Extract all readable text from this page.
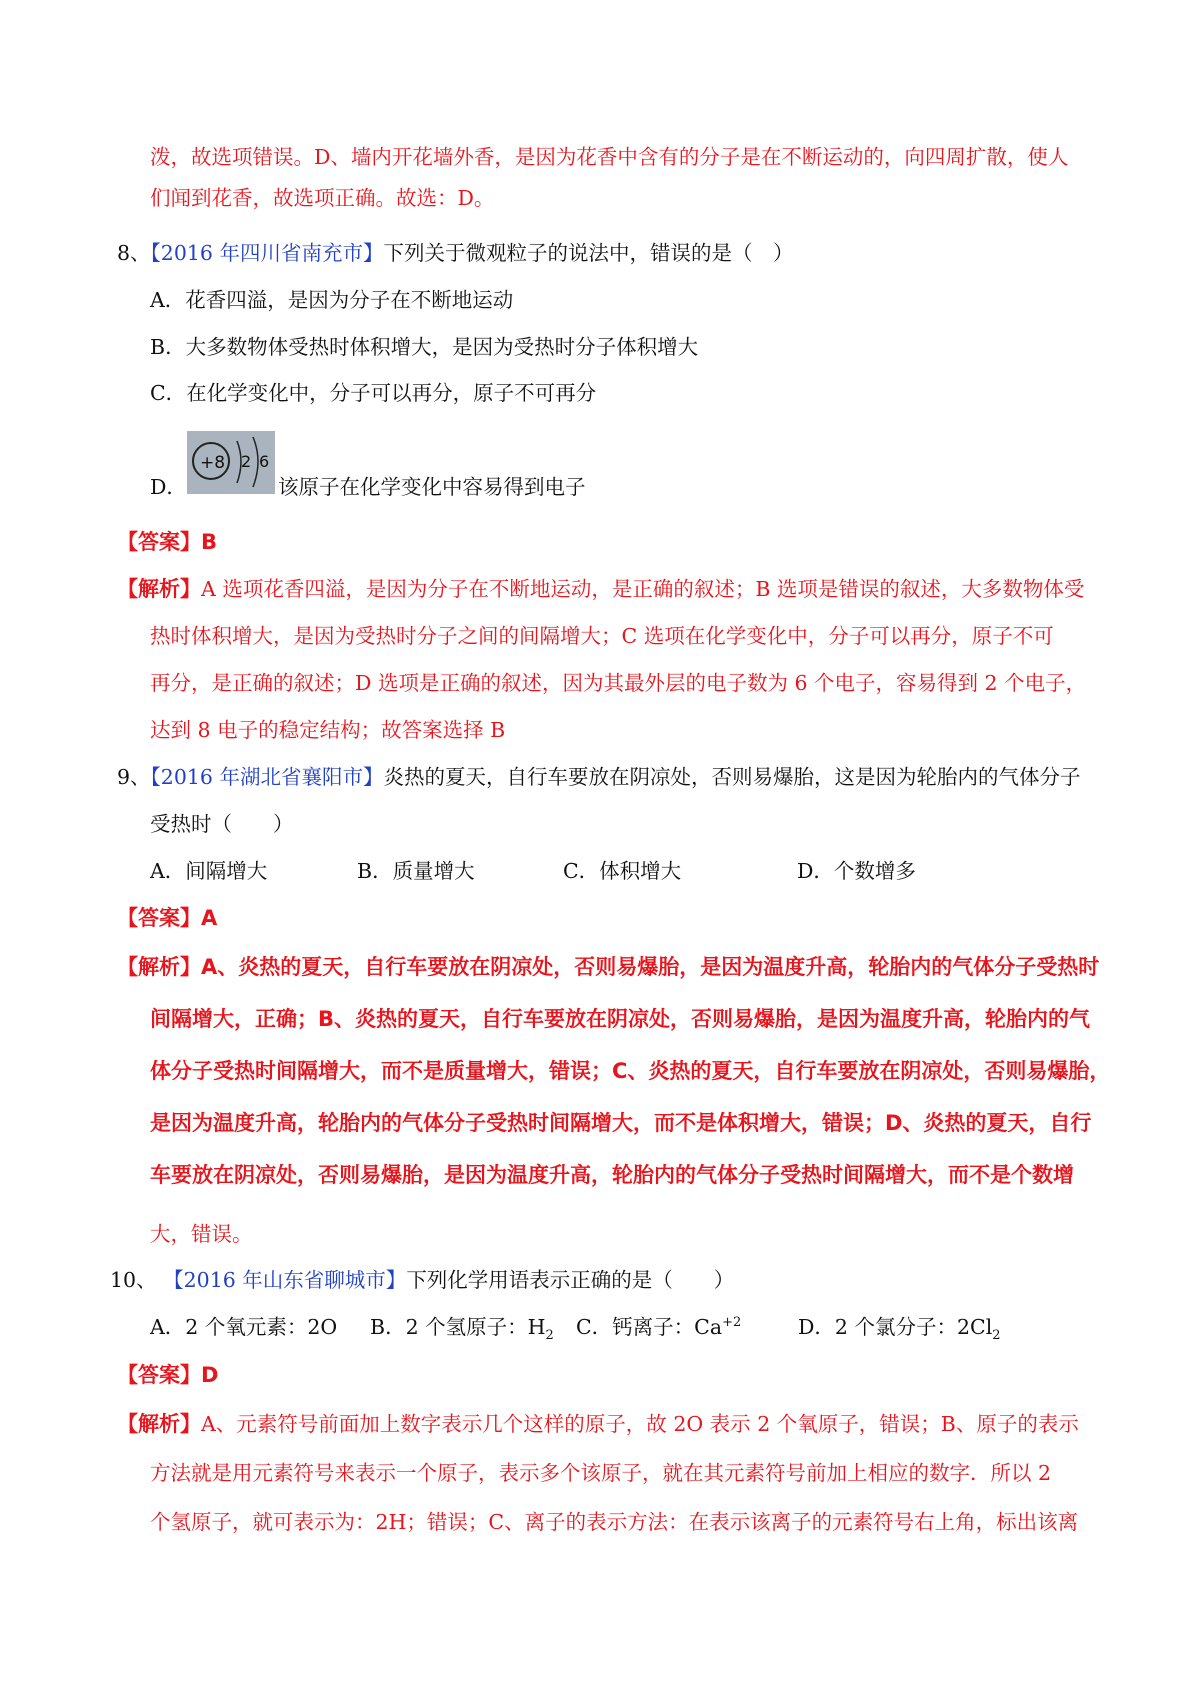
泼，故选项错误。D、墙内开花墙外香，是因为花香中含有的分子是在不断运动的，向四周扩散，使人
们闻到花香，故选项正确。故选：D。
8、【2016 年四川省南充市】下列关于微观粒子的说法中，错误的是（　）
A．花香四溢，是因为分子在不断地运动
B．大多数物体受热时体积增大，是因为受热时分子体积增大
C．在化学变化中，分子可以再分，原子不可再分
D．
+8 2 6
该原子在化学变化中容易得到电子
【答案】B
【解析】A 选项花香四溢，是因为分子在不断地运动，是正确的叙述；B 选项是错误的叙述，大多数物体受
热时体积增大，是因为受热时分子之间的间隔增大；C 选项在化学变化中，分子可以再分，原子不可
再分，是正确的叙述；D 选项是正确的叙述，因为其最外层的电子数为 6 个电子，容易得到 2 个电子，
达到 8 电子的稳定结构；故答案选择 B
9、【2016 年湖北省襄阳市】炎热的夏天，自行车要放在阴凉处，否则易爆胎，这是因为轮胎内的气体分子
受热时（　　）
A．间隔增大	B．质量增大	C．体积增大	D．个数增多
【答案】A
【解析】A、炎热的夏天，自行车要放在阴凉处，否则易爆胎，是因为温度升高，轮胎内的气体分子受热时
间隔增大，正确；B、炎热的夏天，自行车要放在阴凉处，否则易爆胎，是因为温度升高，轮胎内的气
体分子受热时间隔增大，而不是质量增大，错误；C、炎热的夏天，自行车要放在阴凉处，否则易爆胎，
是因为温度升高，轮胎内的气体分子受热时间隔增大，而不是体积增大，错误；D、炎热的夏天，自行
车要放在阴凉处，否则易爆胎，是因为温度升高，轮胎内的气体分子受热时间隔增大，而不是个数增
大，错误。
10、 【2016 年山东省聊城市】下列化学用语表示正确的是（　　）
A．2 个氧元素：2O B．2 个氢原子：$H_2$ C．钙离子：$Ca^{+2}$	D．2 个氯分子：$2Cl_2$
【答案】D
【解析】A、元素符号前面加上数字表示几个这样的原子，故 2O 表示 2 个氧原子，错误；B、原子的表示
方法就是用元素符号来表示一个原子，表示多个该原子，就在其元素符号前加上相应的数字．所以 2
个氢原子，就可表示为：2H；错误；C、离子的表示方法：在表示该离子的元素符号右上角，标出该离
